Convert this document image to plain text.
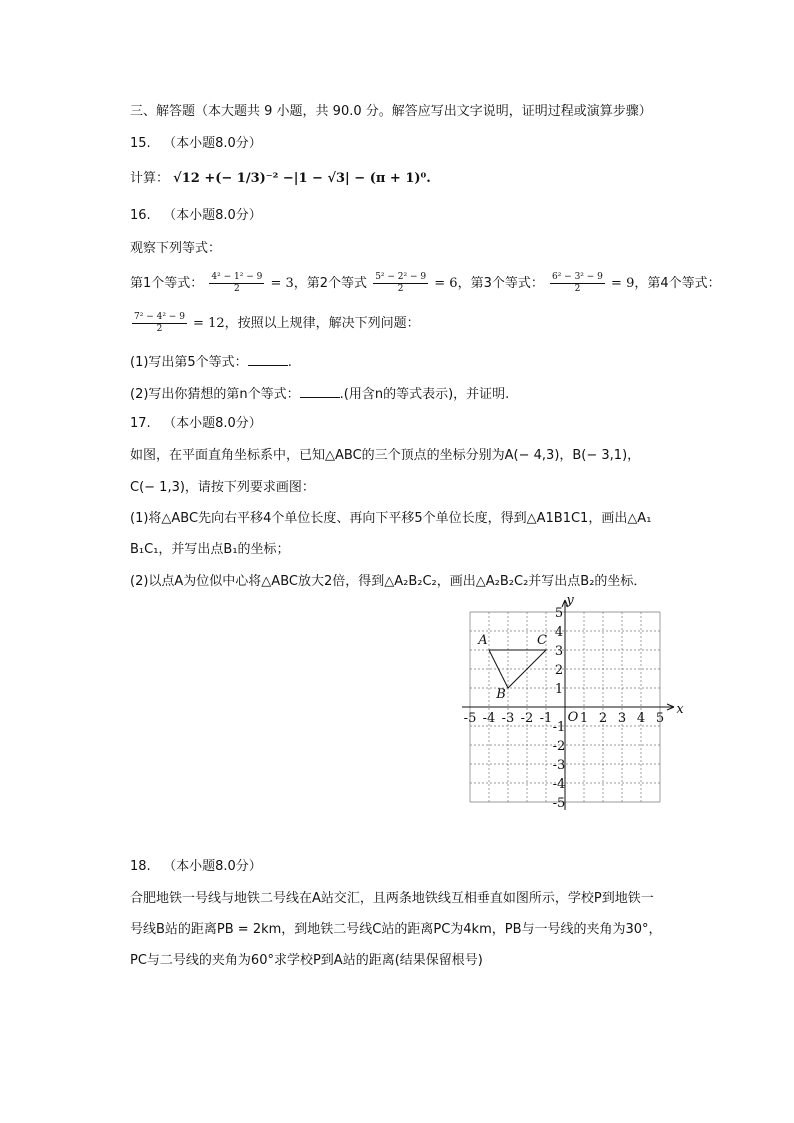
三、解答题（本大题共 9 小题，共 90.0 分。解答应写出文字说明，证明过程或演算步骤）
15. （本小题8.0分）
计算： √12 +(− 1/3)⁻² −|1 − √3| − (π + 1)⁰.
16. （本小题8.0分）
观察下列等式：
第1个等式： $\frac{\text{4² − 1² − 9}}{2} = 3$，第2个等式 $\frac{\text{5² − 2² − 9}}{2} = 6$，第3个等式： $\frac{\text{6² − 3² − 9}}{2} = 9$，第4个等式：
$\frac{\text{7² − 4² − 9}}{2} = 12$，按照以上规律，解决下列问题：
(1)写出第5个等式：	.
(2)写出你猜想的第n个等式：	.(用含n的等式表示)，并证明.
17. （本小题8.0分）
如图，在平面直角坐标系中，已知△ABC的三个顶点的坐标分别为A(− 4,3)，B(− 3,1)，
C(− 1,3)，请按下列要求画图：
(1)将△ABC先向右平移4个单位长度、再向下平移5个单位长度，得到△A1B1C1，画出△A₁
B₁C₁，并写出点B₁的坐标；
(2)以点A为位似中心将△ABC放大2倍，得到△A₂B₂C₂，画出△A₂B₂C₂并写出点B₂的坐标．
x
y
O
-5 -4 -3 -2 -1 1 2 3 4 5
5
4
3
2
1
-1
-2
-3
-4
-5
A
B
C
18. （本小题8.0分）
合肥地铁一号线与地铁二号线在A站交汇，且两条地铁线互相垂直如图所示，学校P到地铁一
号线B站的距离PB = 2km，到地铁二号线C站的距离PC为4km，PB与一号线的夹角为30°，
PC与二号线的夹角为60°求学校P到A站的距离(结果保留根号)
